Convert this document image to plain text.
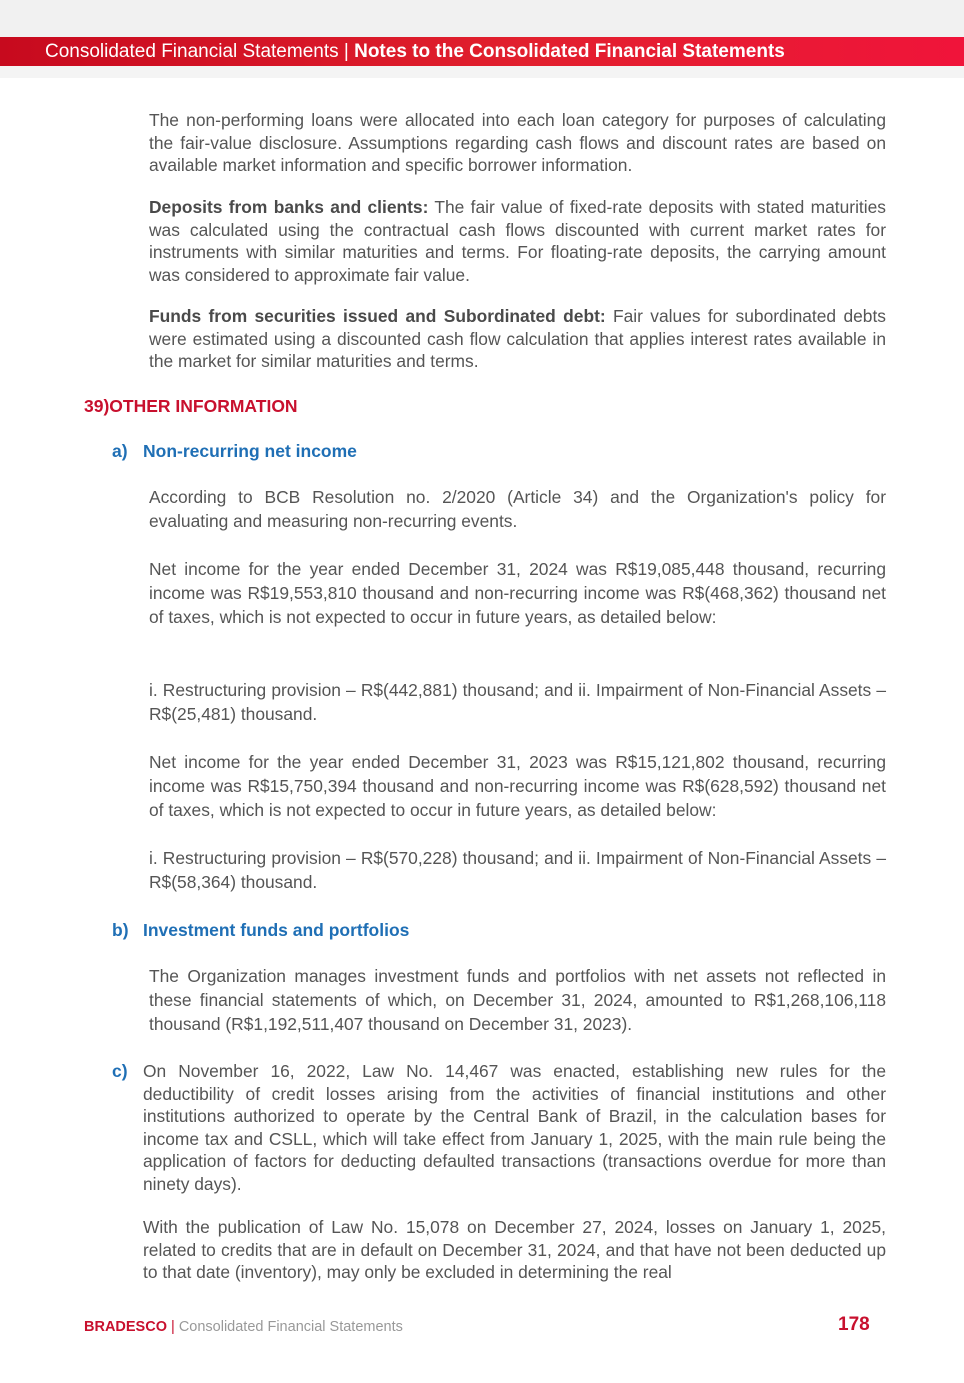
Consolidated Financial Statements | Notes to the Consolidated Financial Statements

The non-performing loans were allocated into each loan category for purposes of calculating the fair-value disclosure. Assumptions regarding cash flows and discount rates are based on available market information and specific borrower information.

Deposits from banks and clients: The fair value of fixed-rate deposits with stated maturities was calculated using the contractual cash flows discounted with current market rates for instruments with similar maturities and terms. For floating-rate deposits, the carrying amount was considered to approximate fair value.

Funds from securities issued and Subordinated debt: Fair values for subordinated debts were estimated using a discounted cash flow calculation that applies interest rates available in the market for similar maturities and terms.

39)OTHER INFORMATION
a) Non-recurring net income

According to BCB Resolution no. 2/2020 (Article 34) and the Organization's policy for evaluating and measuring non-recurring events.

Net income for the year ended December 31, 2024 was R$19,085,448 thousand, recurring income was R$19,553,810 thousand and non-recurring income was R$(468,362) thousand net of taxes, which is not expected to occur in future years, as detailed below:

i. Restructuring provision – R$(442,881) thousand; and ii. Impairment of Non-Financial Assets – R$(25,481) thousand.

Net income for the year ended December 31, 2023 was R$15,121,802 thousand, recurring income was R$15,750,394 thousand and non-recurring income was R$(628,592) thousand net of taxes, which is not expected to occur in future years, as detailed below:

i. Restructuring provision – R$(570,228) thousand; and ii. Impairment of Non-Financial Assets – R$(58,364) thousand.

b) Investment funds and portfolios

The Organization manages investment funds and portfolios with net assets not reflected in these financial statements of which, on December 31, 2024, amounted to R$1,268,106,118 thousand (R$1,192,511,407 thousand on December 31, 2023).

c) On November 16, 2022, Law No. 14,467 was enacted, establishing new rules for the deductibility of credit losses arising from the activities of financial institutions and other institutions authorized to operate by the Central Bank of Brazil, in the calculation bases for income tax and CSLL, which will take effect from January 1, 2025, with the main rule being the application of factors for deducting defaulted transactions (transactions overdue for more than ninety days).

With the publication of Law No. 15,078 on December 27, 2024, losses on January 1, 2025, related to credits that are in default on December 31, 2024, and that have not been deducted up to that date (inventory), may only be excluded in determining the real

BRADESCO | Consolidated Financial Statements	178
